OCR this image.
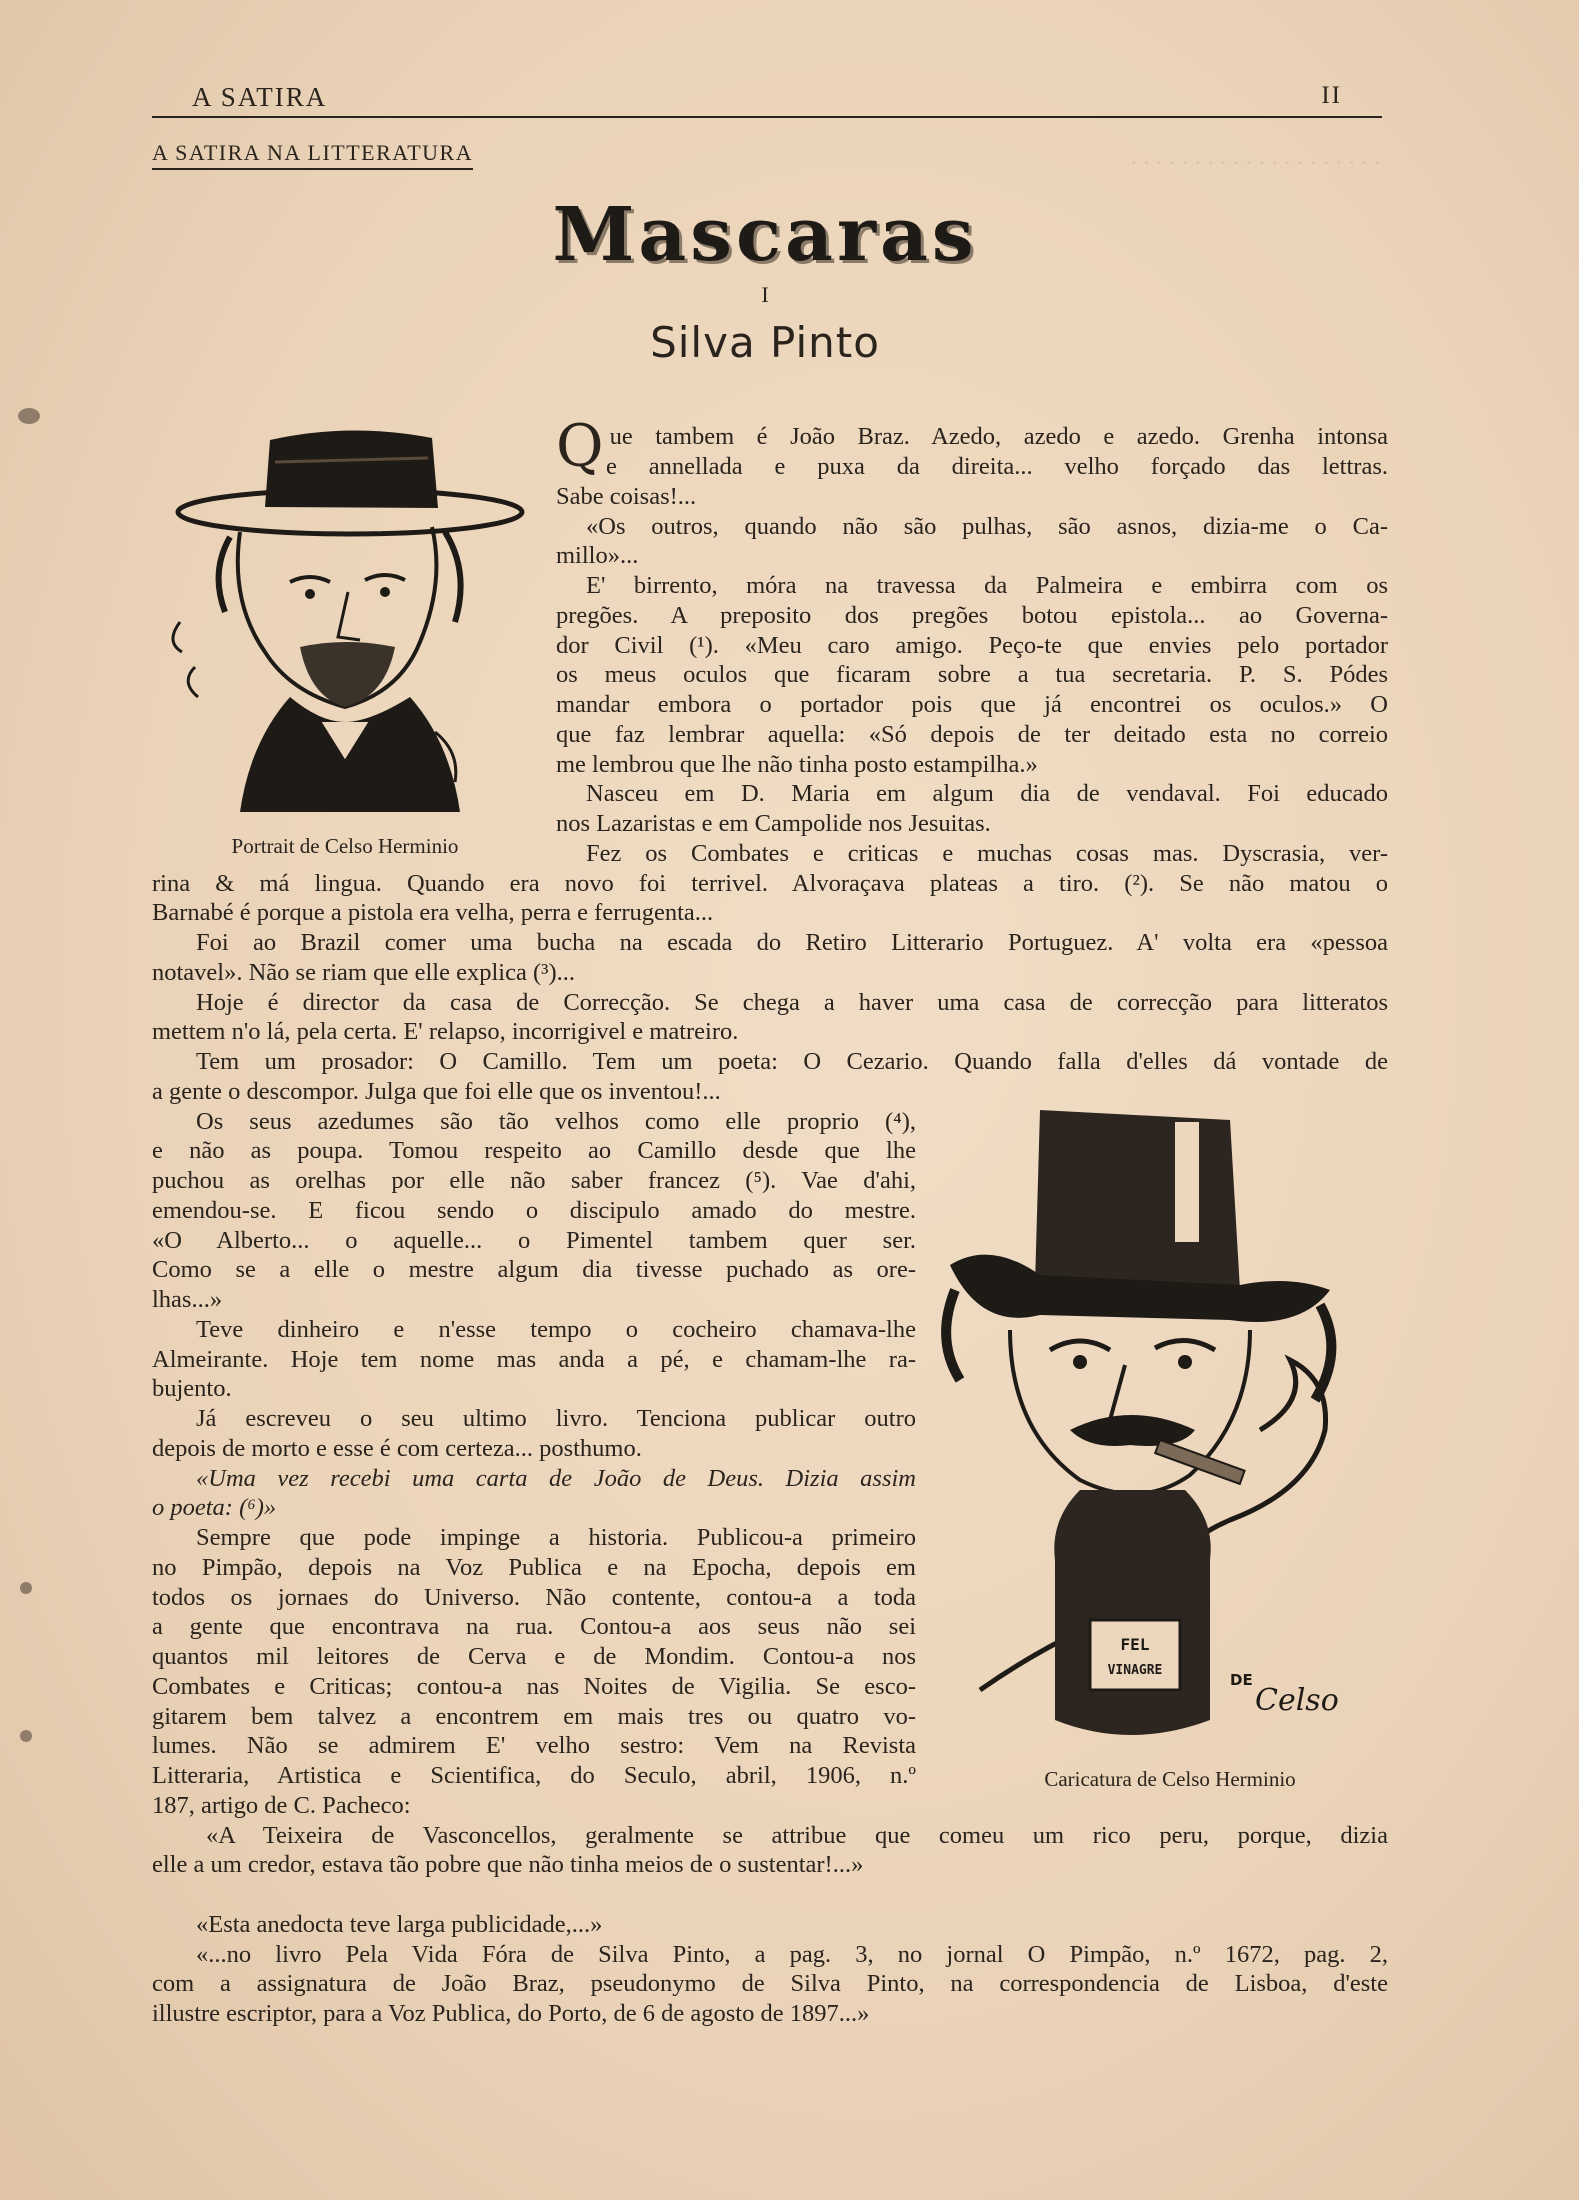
· · · · · · · · · · · · · · · · · · · ·
A SATIRA	II
A SATIRA NA LITTERATURA
Mascaras
I
Silva Pinto
Portrait de Celso Herminio
FEL
VINAGRE
DE
Celso
Caricatura de Celso Herminio

Que tambem é João Braz. Azedo, azedo e azedo. Grenha intonsa

e annellada e puxa da direita... velho forçado das lettras.

Sabe coisas!...

«Os outros, quando não são pulhas, são asnos, dizia-me o Ca-

millo»...

E' birrento, móra na travessa da Palmeira e embirra com os

pregões. A preposito dos pregões botou epistola... ao Governa-

dor Civil (¹). «Meu caro amigo. Peço-te que envies pelo portador

os meus oculos que ficaram sobre a tua secretaria. P. S. Pódes

mandar embora o portador pois que já encontrei os oculos.» O

que faz lembrar aquella: «Só depois de ter deitado esta no correio

me lembrou que lhe não tinha posto estampilha.»

Nasceu em D. Maria em algum dia de vendaval. Foi educado

nos Lazaristas e em Campolide nos Jesuitas.

Fez os Combates e criticas e muchas cosas mas. Dyscrasia, ver-

rina & má lingua. Quando era novo foi terrivel. Alvoraçava plateas a tiro. (²). Se não matou o

Barnabé é porque a pistola era velha, perra e ferrugenta...

Foi ao Brazil comer uma bucha na escada do Retiro Litterario Portuguez. A' volta era «pessoa

notavel». Não se riam que elle explica (³)...

Hoje é director da casa de Correcção. Se chega a haver uma casa de correcção para litteratos

mettem n'o lá, pela certa. E' relapso, incorrigivel e matreiro.

Tem um prosador: O Camillo. Tem um poeta: O Cezario. Quando falla d'elles dá vontade de

a gente o descompor. Julga que foi elle que os inventou!...

Os seus azedumes são tão velhos como elle proprio (⁴),

e não as poupa. Tomou respeito ao Camillo desde que lhe

puchou as orelhas por elle não saber francez (⁵). Vae d'ahi,

emendou-se. E ficou sendo o discipulo amado do mestre.

«O Alberto... o aquelle... o Pimentel tambem quer ser.

Como se a elle o mestre algum dia tivesse puchado as ore-

lhas...»

Teve dinheiro e n'esse tempo o cocheiro chamava-lhe

Almeirante. Hoje tem nome mas anda a pé, e chamam-lhe ra-

bujento.

Já escreveu o seu ultimo livro. Tenciona publicar outro

depois de morto e esse é com certeza... posthumo.

«Uma vez recebi uma carta de João de Deus. Dizia assim

o poeta: (⁶)»

Sempre que pode impinge a historia. Publicou-a primeiro

no Pimpão, depois na Voz Publica e na Epocha, depois em

todos os jornaes do Universo. Não contente, contou-a a toda

a gente que encontrava na rua. Contou-a aos seus não sei

quantos mil leitores de Cerva e de Mondim. Contou-a nos

Combates e Criticas; contou-a nas Noites de Vigilia. Se esco-

gitarem bem talvez a encontrem em mais tres ou quatro vo-

lumes. Não se admirem E' velho sestro: Vem na Revista

Litteraria, Artistica e Scientifica, do Seculo, abril, 1906, n.º

187, artigo de C. Pacheco:

«A Teixeira de Vasconcellos, geralmente se attribue que comeu um rico peru, porque, dizia

elle a um credor, estava tão pobre que não tinha meios de o sustentar!...»

«Esta anedocta teve larga publicidade,...»

«...no livro Pela Vida Fóra de Silva Pinto, a pag. 3, no jornal O Pimpão, n.º 1672, pag. 2,

com a assignatura de João Braz, pseudonymo de Silva Pinto, na correspondencia de Lisboa, d'este

illustre escriptor, para a Voz Publica, do Porto, de 6 de agosto de 1897...»
